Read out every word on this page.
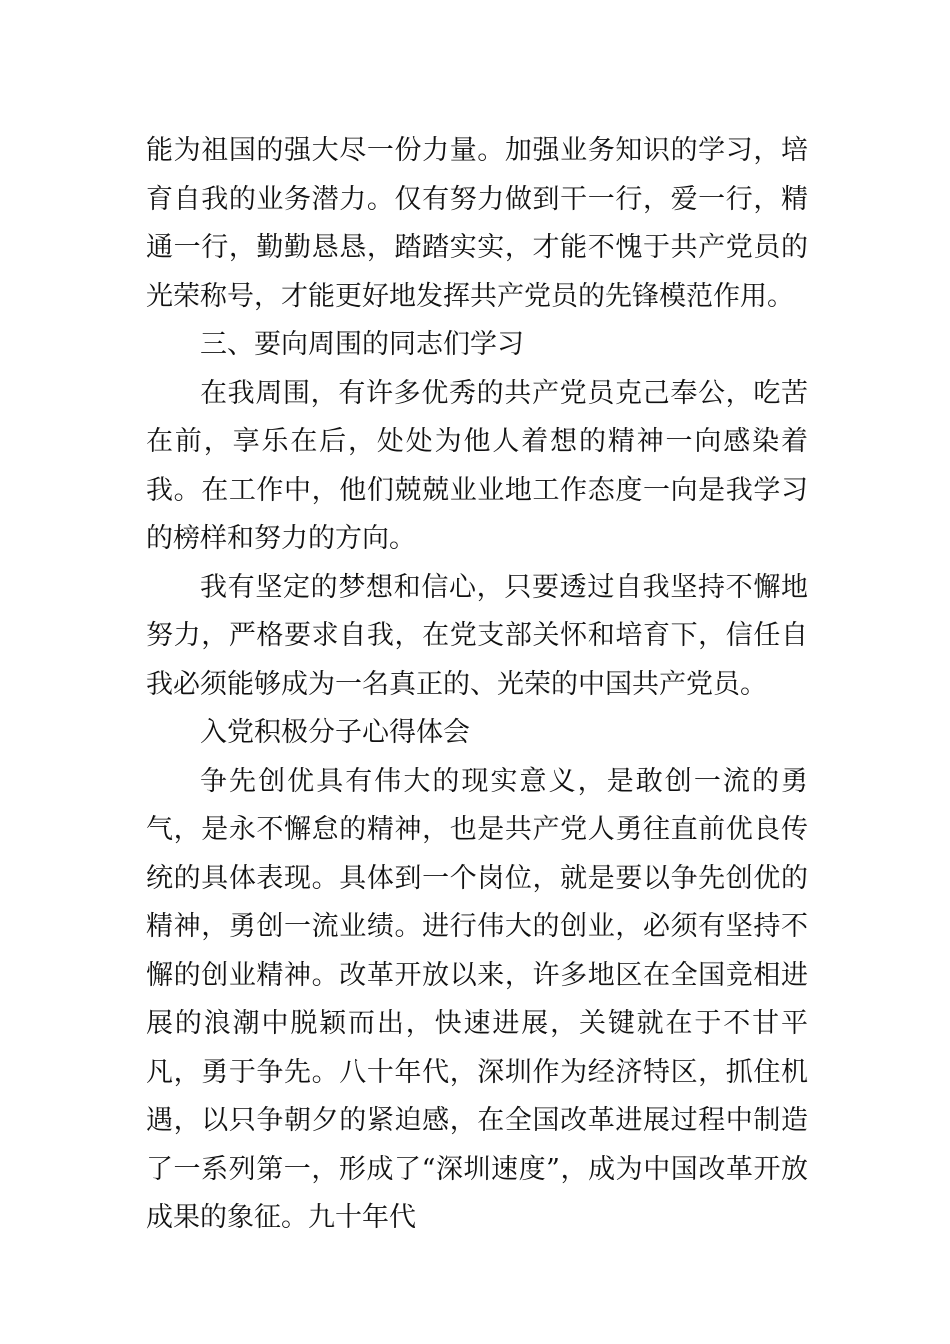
能为祖国的强大尽一份力量。加强业务知识的学习，培育自我的业务潜力。仅有努力做到干一行，爱一行，精通一行，勤勤恳恳，踏踏实实，才能不愧于共产党员的光荣称号，才能更好地发挥共产党员的先锋模范作用。

三、要向周围的同志们学习

在我周围，有许多优秀的共产党员克己奉公，吃苦在前，享乐在后，处处为他人着想的精神一向感染着我。在工作中，他们兢兢业业地工作态度一向是我学习的榜样和努力的方向。

我有坚定的梦想和信心，只要透过自我坚持不懈地努力，严格要求自我，在党支部关怀和培育下，信任自我必须能够成为一名真正的、光荣的中国共产党员。

入党积极分子心得体会

争先创优具有伟大的现实意义，是敢创一流的勇气，是永不懈怠的精神，也是共产党人勇往直前优良传统的具体表现。具体到一个岗位，就是要以争先创优的精神，勇创一流业绩。进行伟大的创业，必须有坚持不懈的创业精神。改革开放以来，许多地区在全国竞相进展的浪潮中脱颖而出，快速进展，关键就在于不甘平凡，勇于争先。八十年代，深圳作为经济特区，抓住机遇，以只争朝夕的紧迫感，在全国改革进展过程中制造了一系列第一，形成了“深圳速度”，成为中国改革开放成果的象征。九十年代
